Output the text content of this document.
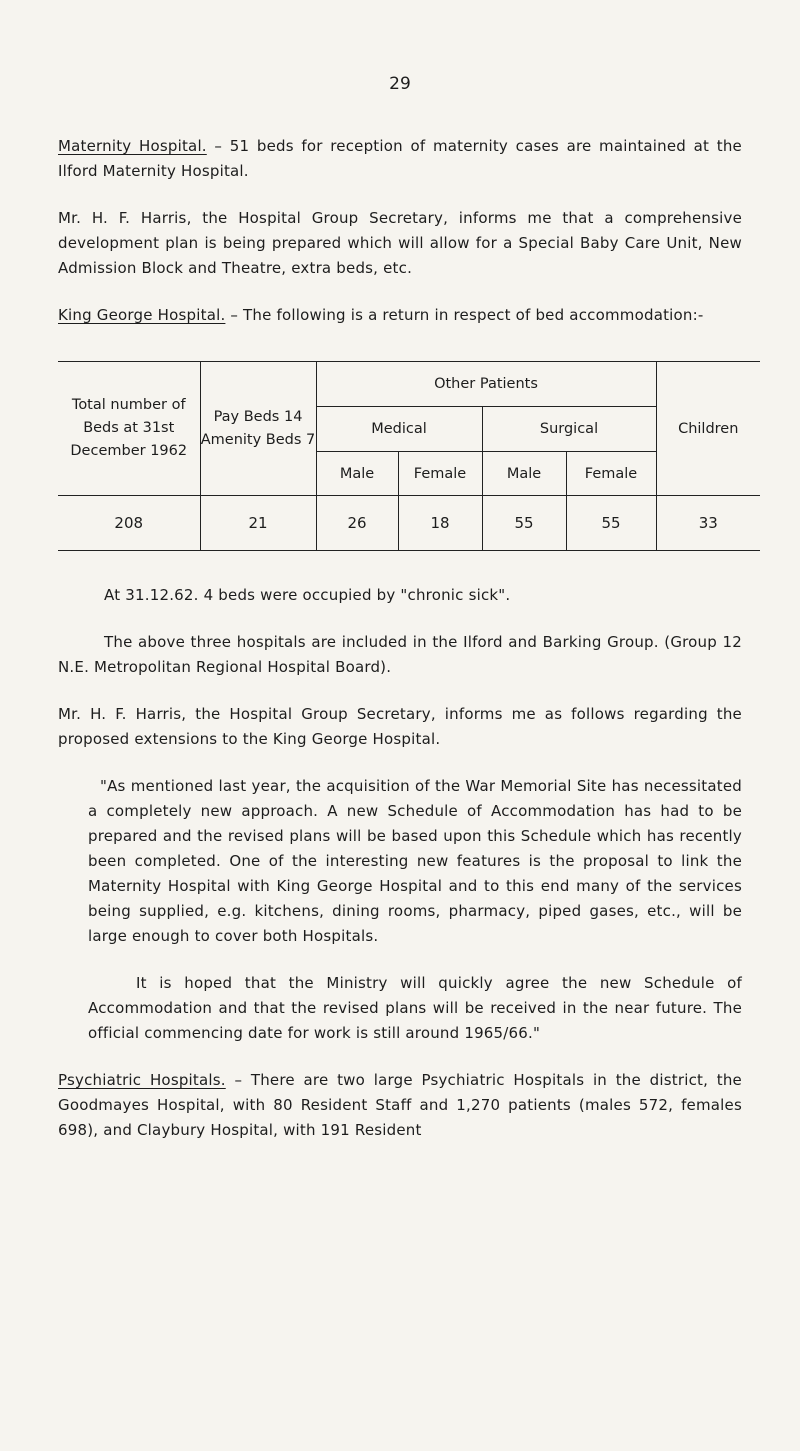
29

Maternity Hospital. – 51 beds for reception of maternity cases are maintained at the Ilford Maternity Hospital.

Mr. H. F. Harris, the Hospital Group Secretary, informs me that a comprehensive development plan is being prepared which will allow for a Special Baby Care Unit, New Admission Block and Theatre, extra beds, etc.

King George Hospital. – The following is a return in respect of bed accommodation:-

Total number of Beds at 31st December 1962	Pay Beds 14 Amenity Beds 7	Other Patients				Children
		Medical		Surgical		
		Male	Female	Male	Female	
208	21	26	18	55	55	33

At 31.12.62. 4 beds were occupied by "chronic sick".

The above three hospitals are included in the Ilford and Barking Group. (Group 12 N.E. Metropolitan Regional Hospital Board).

Mr. H. F. Harris, the Hospital Group Secretary, informs me as follows regarding the proposed extensions to the King George Hospital.

"As mentioned last year, the acquisition of the War Memorial Site has necessitated a completely new approach. A new Schedule of Accommodation has had to be prepared and the revised plans will be based upon this Schedule which has recently been completed. One of the interesting new features is the proposal to link the Maternity Hospital with King George Hospital and to this end many of the services being supplied, e.g. kitchens, dining rooms, pharmacy, piped gases, etc., will be large enough to cover both Hospitals.

It is hoped that the Ministry will quickly agree the new Schedule of Accommodation and that the revised plans will be received in the near future. The official commencing date for work is still around 1965/66."

Psychiatric Hospitals. – There are two large Psychiatric Hospitals in the district, the Goodmayes Hospital, with 80 Resident Staff and 1,270 patients (males 572, females 698), and Claybury Hospital, with 191 Resident
